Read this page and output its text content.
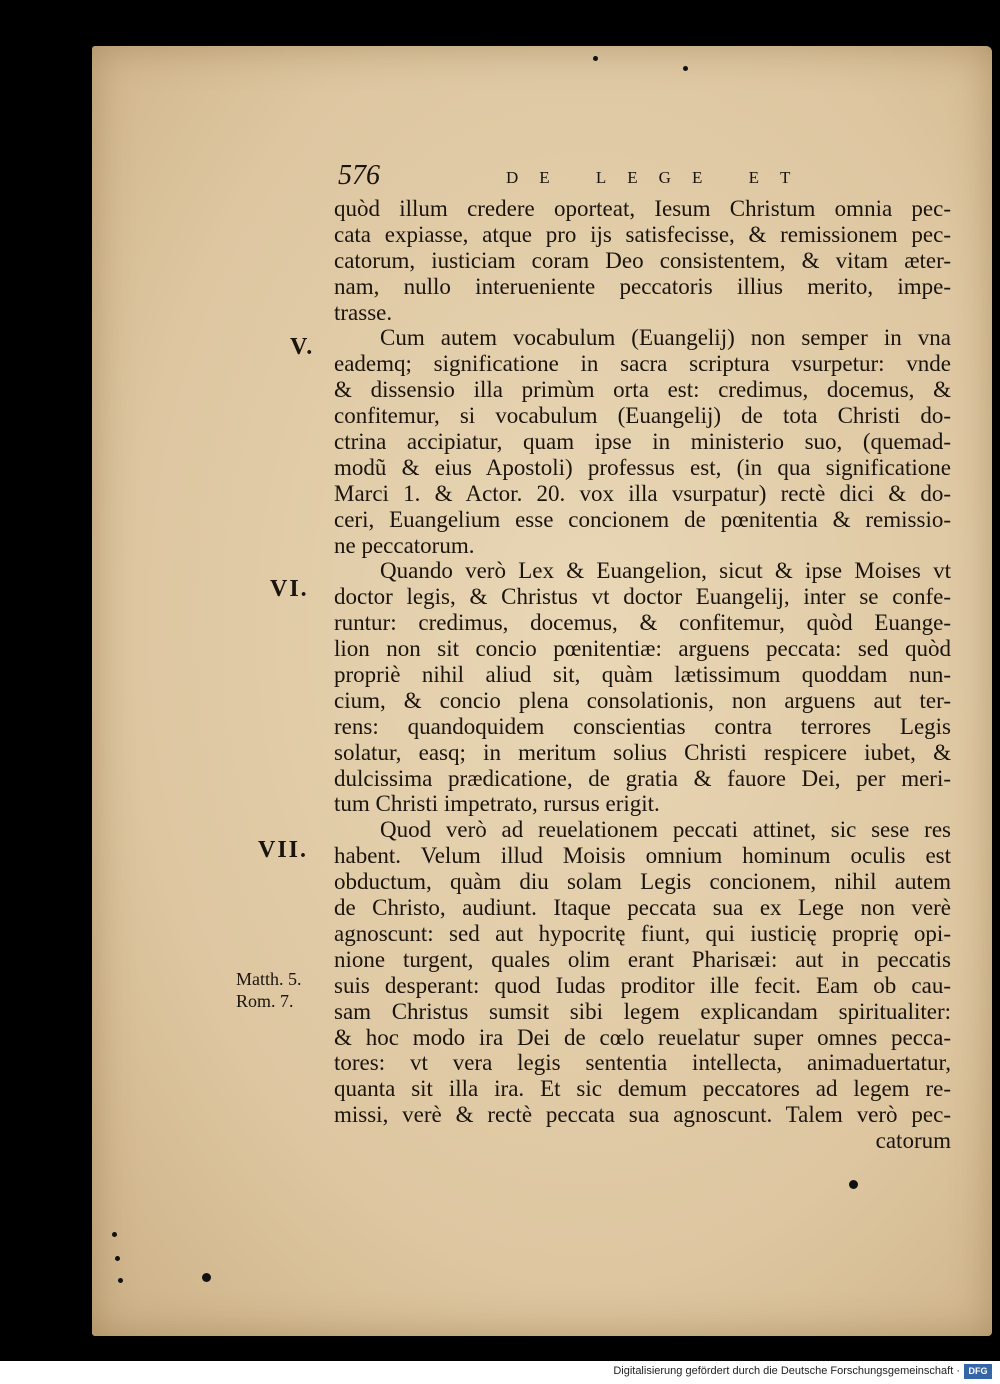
576	DE LEGE ET
V.
VI.
VII.
Matth. 5.
Rom. 7.
quòd illum credere oporteat, Iesum Christum omnia pec-
cata expiasse, atque pro ijs satisfecisse, & remissionem pec-
catorum, iusticiam coram Deo consistentem, & vitam æter-
nam, nullo interueniente peccatoris illius merito, impe-
trasse.
Cum autem vocabulum (Euangelij) non semper in vna
eademq; significatione in sacra scriptura vsurpetur: vnde
& dissensio illa primùm orta est: credimus, docemus, &
confitemur, si vocabulum (Euangelij) de tota Christi do-
ctrina accipiatur, quam ipse in ministerio suo, (quemad-
modũ & eius Apostoli) professus est, (in qua significatione
Marci 1. & Actor. 20. vox illa vsurpatur) rectè dici & do-
ceri, Euangelium esse concionem de pœnitentia & remissio-
ne peccatorum.
Quando verò Lex & Euangelion, sicut & ipse Moises vt
doctor legis, & Christus vt doctor Euangelij, inter se confe-
runtur: credimus, docemus, & confitemur, quòd Euange-
lion non sit concio pœnitentiæ: arguens peccata: sed quòd
propriè nihil aliud sit, quàm lætissimum quoddam nun-
cium, & concio plena consolationis, non arguens aut ter-
rens: quandoquidem conscientias contra terrores Legis
solatur, easq; in meritum solius Christi respicere iubet, &
dulcissima prædicatione, de gratia & fauore Dei, per meri-
tum Christi impetrato, rursus erigit.
Quod verò ad reuelationem peccati attinet, sic sese res
habent. Velum illud Moisis omnium hominum oculis est
obductum, quàm diu solam Legis concionem, nihil autem
de Christo, audiunt. Itaque peccata sua ex Lege non verè
agnoscunt: sed aut hypocritę fiunt, qui iusticię proprię opi-
nione turgent, quales olim erant Pharisæi: aut in peccatis
suis desperant: quod Iudas proditor ille fecit. Eam ob cau-
sam Christus sumsit sibi legem explicandam spiritualiter:
& hoc modo ira Dei de cœlo reuelatur super omnes pecca-
tores: vt vera legis sententia intellecta, animaduertatur,
quanta sit illa ira. Et sic demum peccatores ad legem re-
missi, verè & rectè peccata sua agnoscunt. Talem verò pec-
catorum
Digitalisierung gefördert durch die Deutsche Forschungsgemeinschaft · DFG
